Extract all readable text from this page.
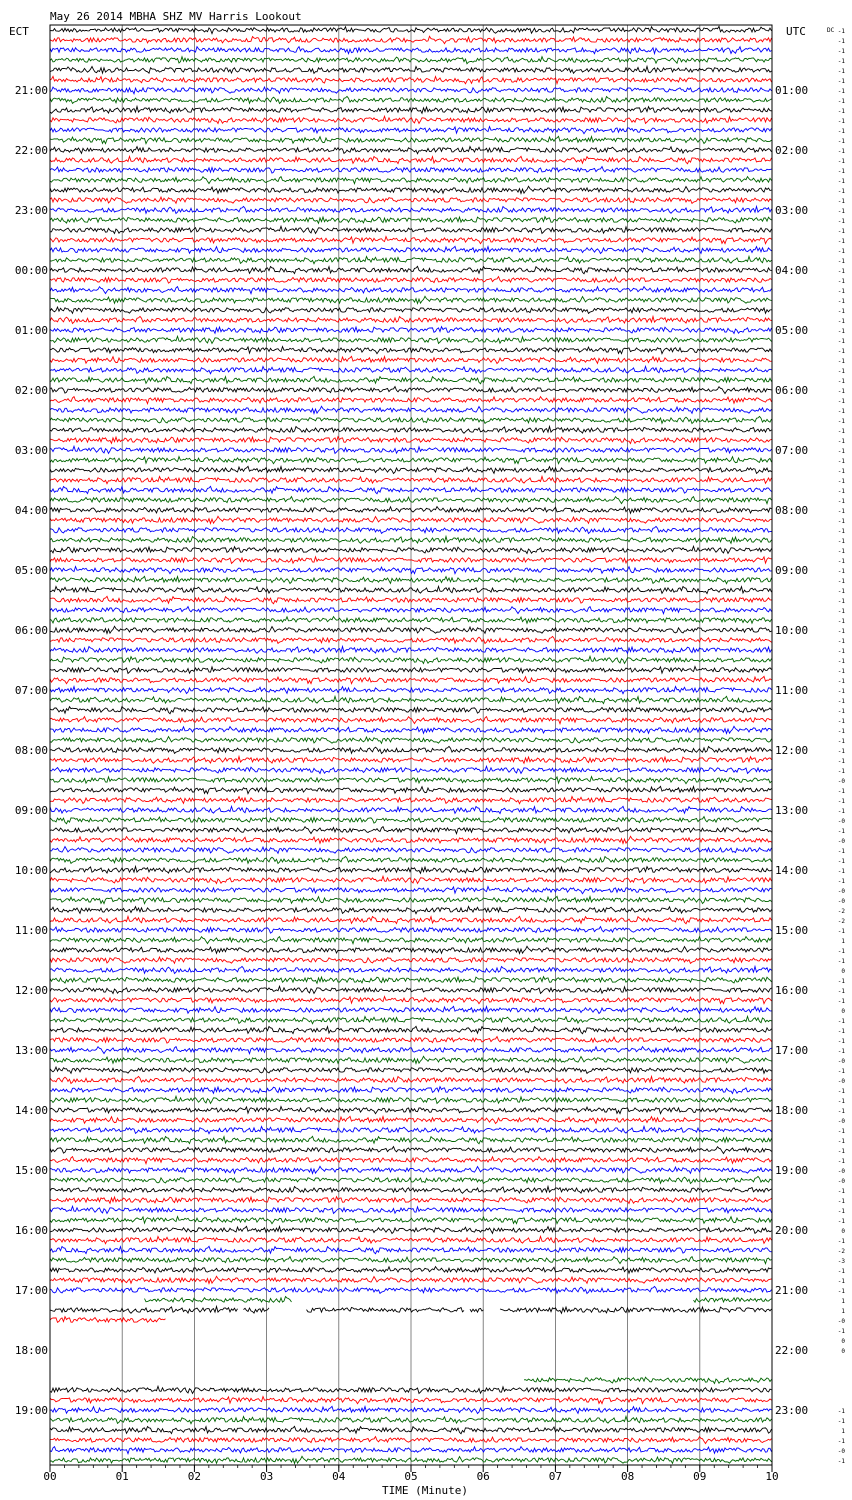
May 26 2014 MBHA SHZ MV Harris Lookout
ECT	UTC	DC
TIME (Minute)
00	01	02	03	04	05	06	07	08	09	10
-1
-1
-1
-1
-1
-1
-1
-1
-1
-1
-1
-1
-1
-1
-1
-1
-1
-1
-1
-1
-1
-1
-1
-1
-1
-1
-1
-1
-1
-1
-1
-1
-1
-1
-1
-1
-1
-1
-1
-1
-1
-1
-1
-1
-1
-1
-1
-1
-1
-1
-1
-1
-1
-1
-1
-1
-1
-1
-1
-1
-1
-1
-1
-1
-1
-1
-1
-1
-1
-1
-1
-1
-1
-1
-1
-0
-1
-1
-1
-0
-1
-0
-1
-1
-1
-1
-0
-0
-2
-2
-1
1
-1
-1
0
-1
-1
-1
0
-1
-1
-1
-1
-0
-1
-0
-1
-1
-1
-0
-1
-1
-1
-1
-0
-0
-1
-1
-1
-1
0
-1
-2
-3
-1
-1
-1
1
1
-0
-1
0
0
-1
-1
1
-1
-0
-1
21:00	01:00
22:00	02:00
23:00	03:00
00:00	04:00
01:00	05:00
02:00	06:00
03:00	07:00
04:00	08:00
05:00	09:00
06:00	10:00
07:00	11:00
08:00	12:00
09:00	13:00
10:00	14:00
11:00	15:00
12:00	16:00
13:00	17:00
14:00	18:00
15:00	19:00
16:00	20:00
17:00	21:00
18:00	22:00
19:00	23:00
